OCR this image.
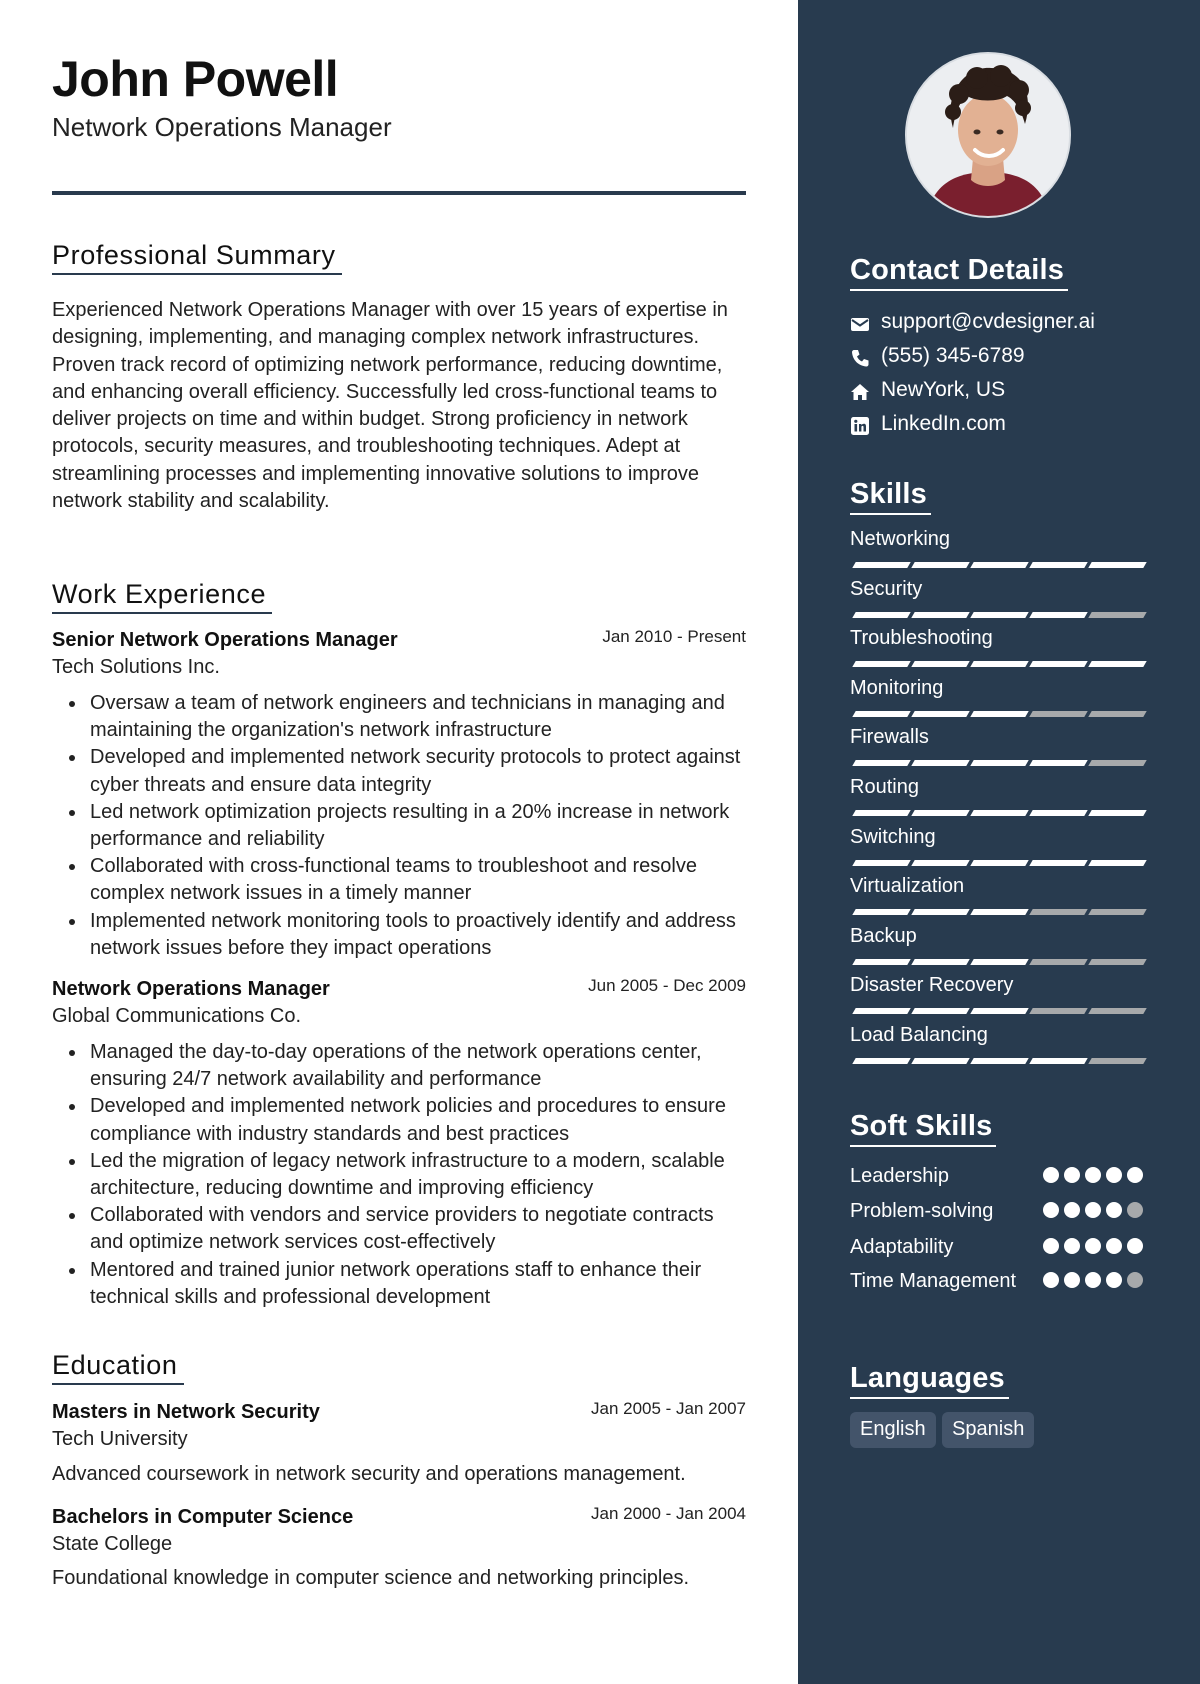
John Powell
Network Operations Manager
Professional Summary
Experienced Network Operations Manager with over 15 years of expertise in designing, implementing, and managing complex network infrastructures. Proven track record of optimizing network performance, reducing downtime, and enhancing overall efficiency. Successfully led cross-functional teams to deliver projects on time and within budget. Strong proficiency in network protocols, security measures, and troubleshooting techniques. Adept at streamlining processes and implementing innovative solutions to improve network stability and scalability.
Work Experience
Senior Network Operations Manager	Jan 2010 - Present
Tech Solutions Inc.
Oversaw a team of network engineers and technicians in managing and maintaining the organization's network infrastructure
Developed and implemented network security protocols to protect against cyber threats and ensure data integrity
Led network optimization projects resulting in a 20% increase in network performance and reliability
Collaborated with cross-functional teams to troubleshoot and resolve complex network issues in a timely manner
Implemented network monitoring tools to proactively identify and address network issues before they impact operations
Network Operations Manager	Jun 2005 - Dec 2009
Global Communications Co.
Managed the day-to-day operations of the network operations center, ensuring 24/7 network availability and performance
Developed and implemented network policies and procedures to ensure compliance with industry standards and best practices
Led the migration of legacy network infrastructure to a modern, scalable architecture, reducing downtime and improving efficiency
Collaborated with vendors and service providers to negotiate contracts and optimize network services cost-effectively
Mentored and trained junior network operations staff to enhance their technical skills and professional development
Education
Masters in Network Security	Jan 2005 - Jan 2007
Tech University
Advanced coursework in network security and operations management.
Bachelors in Computer Science	Jan 2000 - Jan 2004
State College
Foundational knowledge in computer science and networking principles.
Contact Details
support@cvdesigner.ai
(555) 345-6789
NewYork, US
LinkedIn.com
Skills
Networking
Security
Troubleshooting
Monitoring
Firewalls
Routing
Switching
Virtualization
Backup
Disaster Recovery
Load Balancing
Soft Skills
Leadership
Problem-solving
Adaptability
Time Management
Languages
English Spanish
